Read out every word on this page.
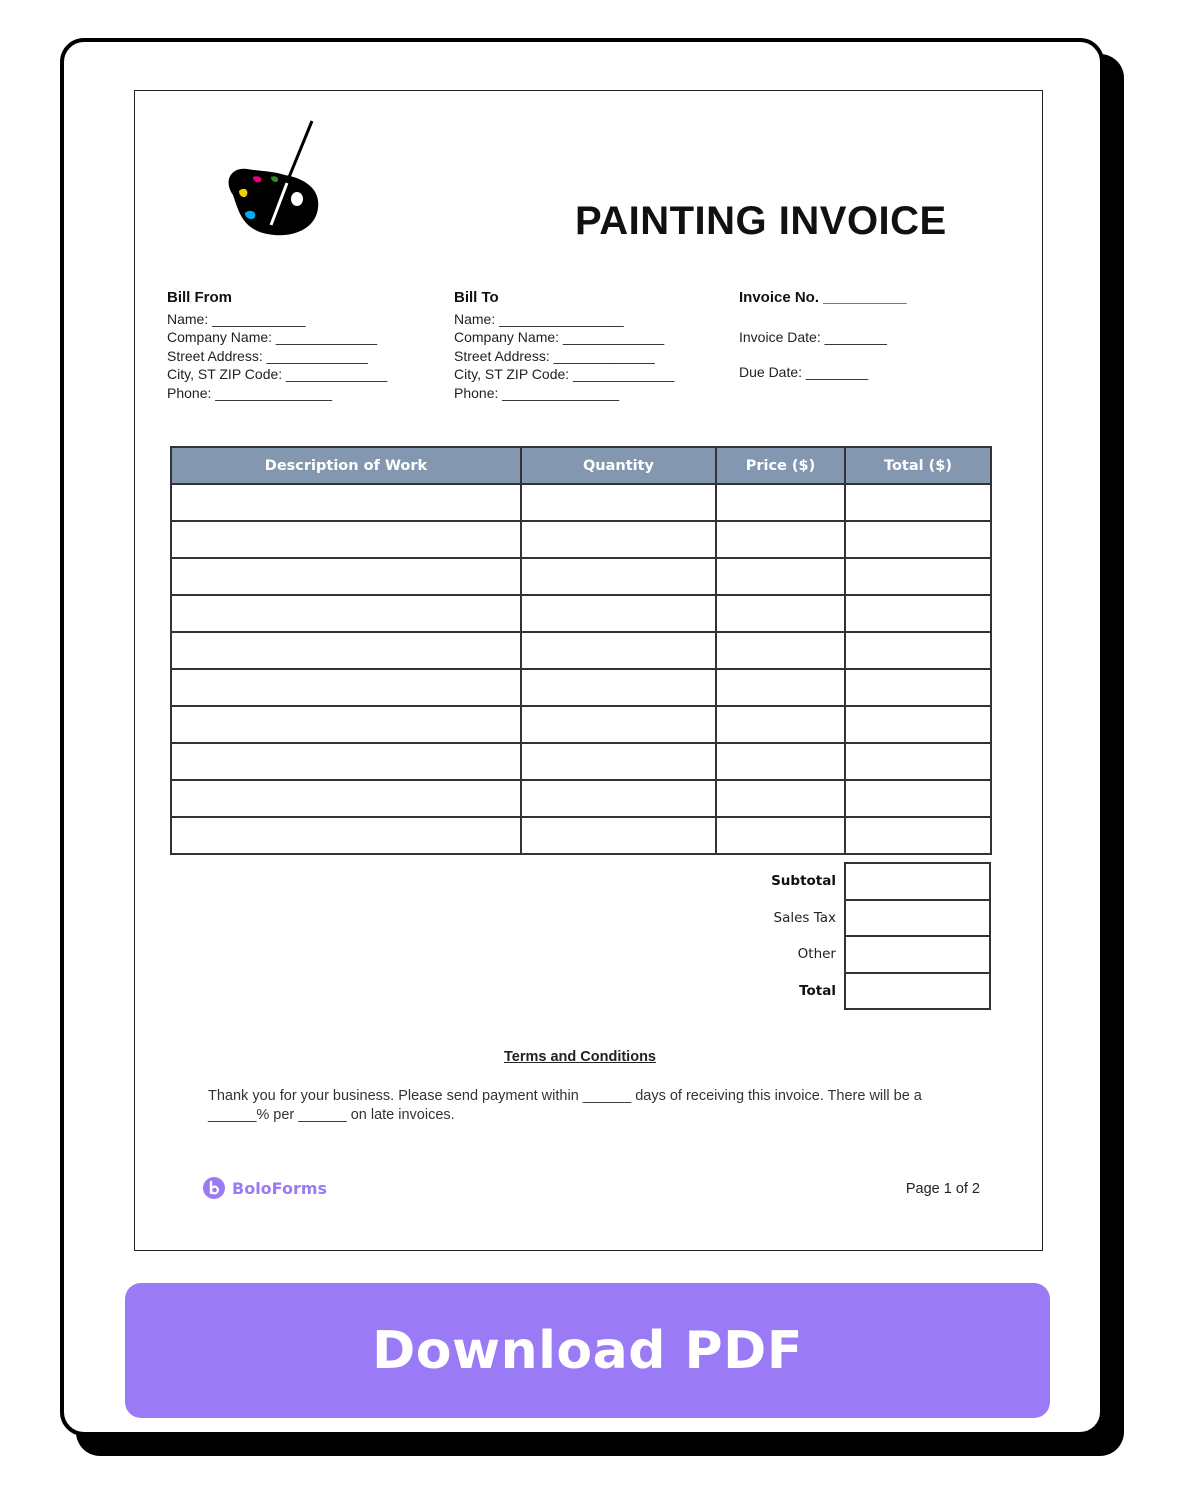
PAINTING INVOICE
Bill From
Name: ____________
Company Name: _____________
Street Address: _____________
City, ST ZIP Code: _____________
Phone: _______________
Bill To
Name: ________________
Company Name: _____________
Street Address: _____________
City, ST ZIP Code: _____________
Phone: _______________
Invoice No. __________
Invoice Date: ________
Due Date: ________
Description of Work	Quantity	Price ($)	Total ($)

Subtotal	
Sales Tax	
Other	
Total	
Terms and Conditions
Thank you for your business. Please send payment within ______ days of receiving this invoice. There will be a ______% per ______ on late invoices.
BoloForms	Page 1 of 2
Download PDF
